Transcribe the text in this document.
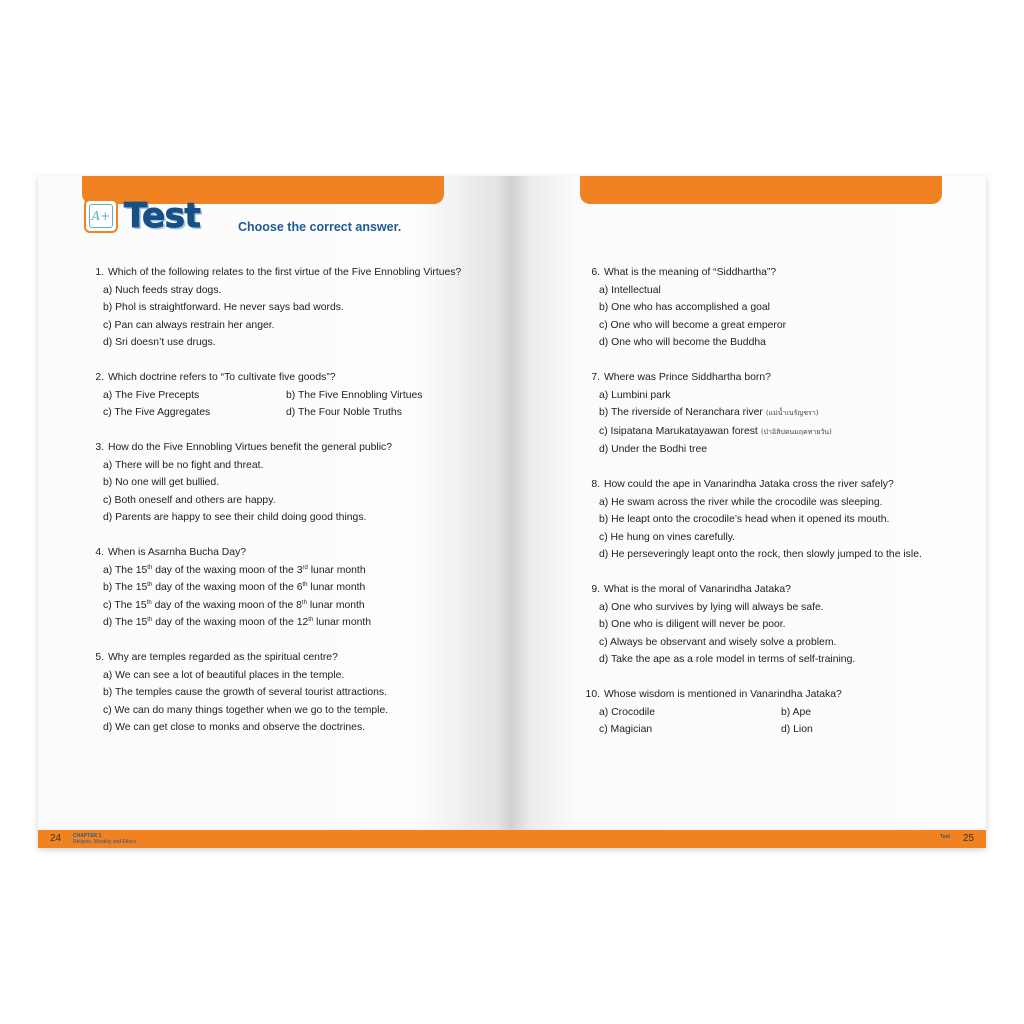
A+ Test	Choose the correct answer.
1. Which of the following relates to the first virtue of the Five Ennobling Virtues?
a) Nuch feeds stray dogs.
b) Phol is straightforward. He never says bad words.
c) Pan can always restrain her anger.
d) Sri doesn’t use drugs.
2. Which doctrine refers to “To cultivate five goods”?
a) The Five Precepts	b) The Five Ennobling Virtues
c) The Five Aggregates	d) The Four Noble Truths
3. How do the Five Ennobling Virtues benefit the general public?
a) There will be no fight and threat.
b) No one will get bullied.
c) Both oneself and others are happy.
d) Parents are happy to see their child doing good things.
4. When is Asarnha Bucha Day?
a) The 15th day of the waxing moon of the 3rd lunar month
b) The 15th day of the waxing moon of the 6th lunar month
c) The 15th day of the waxing moon of the 8th lunar month
d) The 15th day of the waxing moon of the 12th lunar month
5. Why are temples regarded as the spiritual centre?
a) We can see a lot of beautiful places in the temple.
b) The temples cause the growth of several tourist attractions.
c) We can do many things together when we go to the temple.
d) We can get close to monks and observe the doctrines.
24 CHAPTER 1
Religion, Morality and Ethics
6. What is the meaning of “Siddhartha”?
a) Intellectual
b) One who has accomplished a goal
c) One who will become a great emperor
d) One who will become the Buddha
7. Where was Prince Siddhartha born?
a) Lumbini park
b) The riverside of Neranchara river (แม่น้ำเนรัญชรา)
c) Isipatana Marukatayawan forest (ป่าอิสิปตนมฤคทายวัน)
d) Under the Bodhi tree
8. How could the ape in Vanarindha Jataka cross the river safely?
a) He swam across the river while the crocodile was sleeping.
b) He leapt onto the crocodile’s head when it opened its mouth.
c) He hung on vines carefully.
d) He perseveringly leapt onto the rock, then slowly jumped to the isle.
9. What is the moral of Vanarindha Jataka?
a) One who survives by lying will always be safe.
b) One who is diligent will never be poor.
c) Always be observant and wisely solve a problem.
d) Take the ape as a role model in terms of self-training.
10. Whose wisdom is mentioned in Vanarindha Jataka?
a) Crocodile	b) Ape
c) Magician	d) Lion
Test 25
